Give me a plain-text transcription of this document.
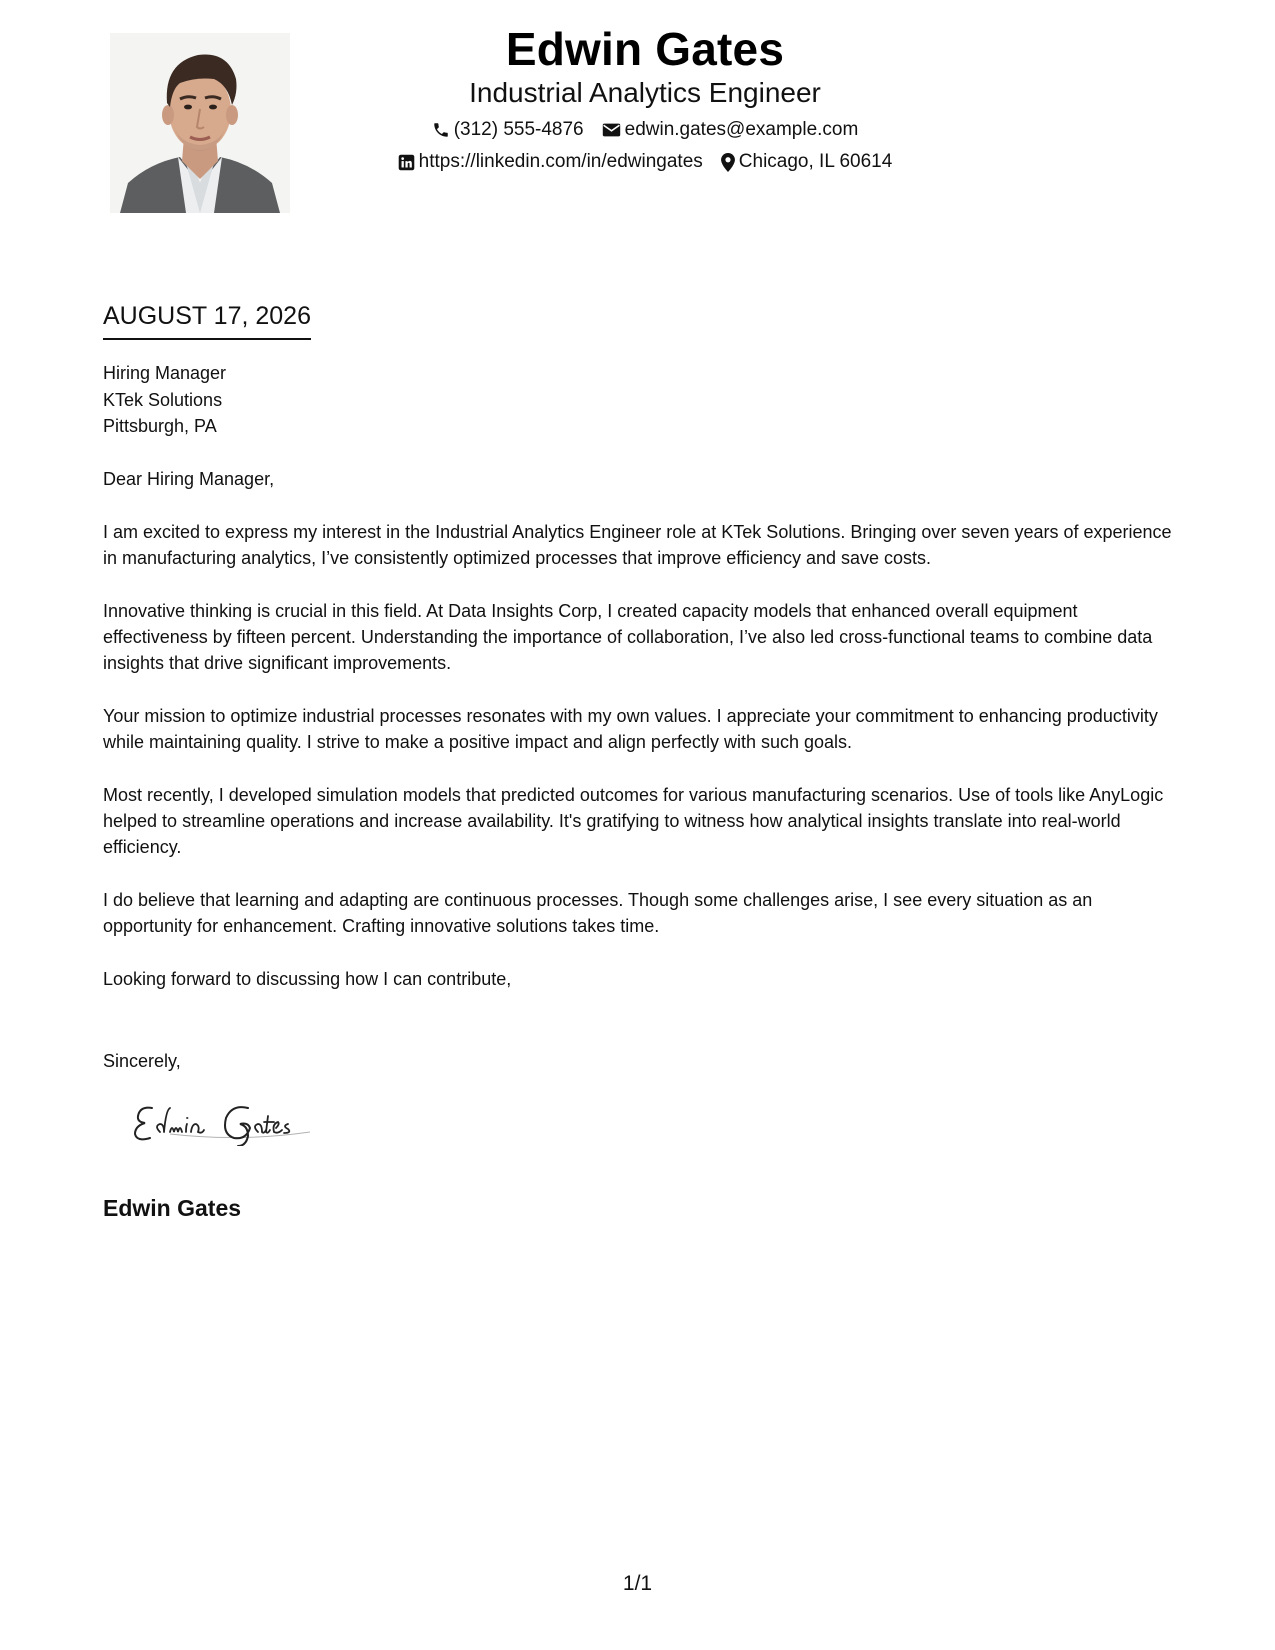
Edwin Gates
Industrial Analytics Engineer
(312) 555-4876 edwin.gates@example.com
https://linkedin.com/in/edwingates Chicago, IL 60614
AUGUST 17, 2026
Hiring Manager
KTek Solutions
Pittsburgh, PA
Dear Hiring Manager,
I am excited to express my interest in the Industrial Analytics Engineer role at KTek Solutions. Bringing over seven years of experience in manufacturing analytics, I’ve consistently optimized processes that improve efficiency and save costs.
Innovative thinking is crucial in this field. At Data Insights Corp, I created capacity models that enhanced overall equipment effectiveness by fifteen percent. Understanding the importance of collaboration, I’ve also led cross-functional teams to combine data insights that drive significant improvements.
Your mission to optimize industrial processes resonates with my own values. I appreciate your commitment to enhancing productivity while maintaining quality. I strive to make a positive impact and align perfectly with such goals.
Most recently, I developed simulation models that predicted outcomes for various manufacturing scenarios. Use of tools like AnyLogic helped to streamline operations and increase availability. It's gratifying to witness how analytical insights translate into real-world efficiency.
I do believe that learning and adapting are continuous processes. Though some challenges arise, I see every situation as an opportunity for enhancement. Crafting innovative solutions takes time.
Looking forward to discussing how I can contribute,
Sincerely,
Edwin Gates
1/1
